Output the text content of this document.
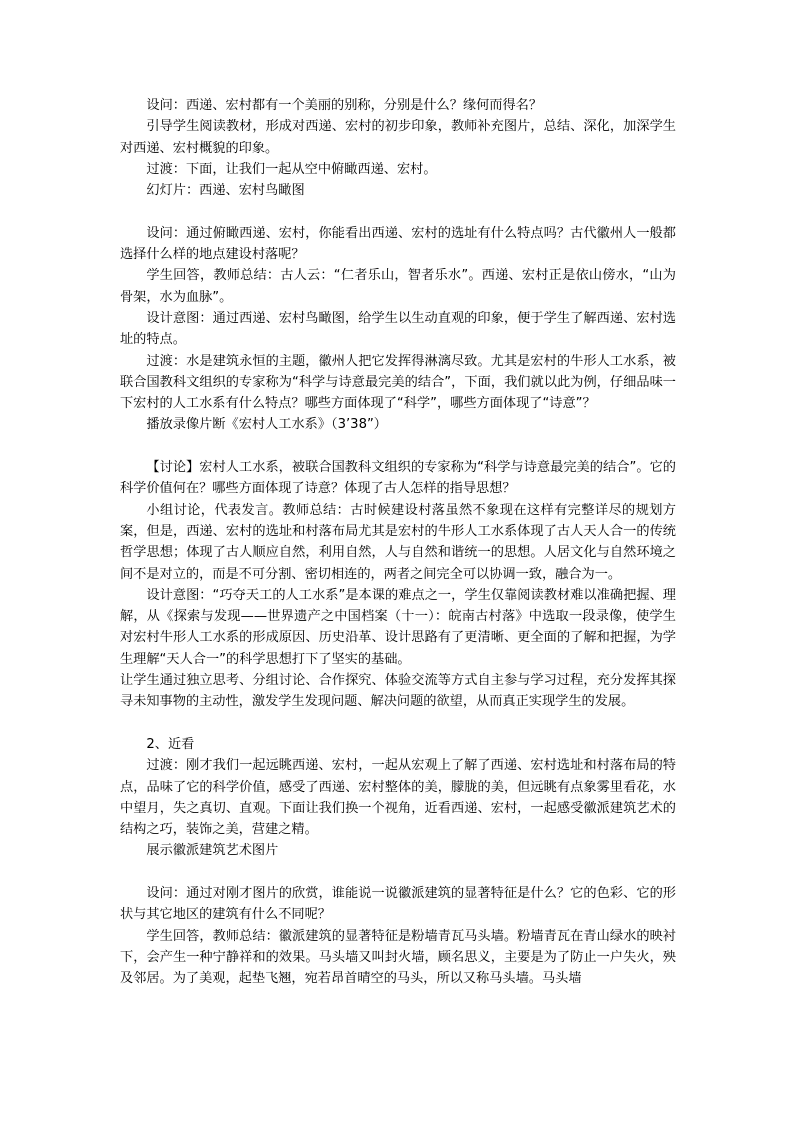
设问：西递、宏村都有一个美丽的别称，分别是什么？缘何而得名？

引导学生阅读教材，形成对西递、宏村的初步印象，教师补充图片，总结、深化，加深学生对西递、宏村概貌的印象。

过渡：下面，让我们一起从空中俯瞰西递、宏村。

幻灯片：西递、宏村鸟瞰图

设问：通过俯瞰西递、宏村，你能看出西递、宏村的选址有什么特点吗？古代徽州人一般都选择什么样的地点建设村落呢？

学生回答，教师总结：古人云：“仁者乐山，智者乐水”。西递、宏村正是依山傍水，“山为骨架，水为血脉”。

设计意图：通过西递、宏村鸟瞰图，给学生以生动直观的印象，便于学生了解西递、宏村选址的特点。

过渡：水是建筑永恒的主题，徽州人把它发挥得淋漓尽致。尤其是宏村的牛形人工水系，被联合国教科文组织的专家称为“科学与诗意最完美的结合”，下面，我们就以此为例，仔细品味一下宏村的人工水系有什么特点？哪些方面体现了“科学”，哪些方面体现了“诗意”？

播放录像片断《宏村人工水系》（3’38”）

【讨论】宏村人工水系，被联合国教科文组织的专家称为“科学与诗意最完美的结合”。它的科学价值何在？哪些方面体现了诗意？体现了古人怎样的指导思想？

小组讨论，代表发言。教师总结：古时候建设村落虽然不象现在这样有完整详尽的规划方案，但是，西递、宏村的选址和村落布局尤其是宏村的牛形人工水系体现了古人天人合一的传统哲学思想；体现了古人顺应自然，利用自然，人与自然和谐统一的思想。人居文化与自然环境之间不是对立的，而是不可分割、密切相连的，两者之间完全可以协调一致，融合为一。

设计意图：“巧夺天工的人工水系”是本课的难点之一，学生仅靠阅读教材难以准确把握、理解，从《探索与发现——世界遗产之中国档案（十一）：皖南古村落》中选取一段录像，使学生对宏村牛形人工水系的形成原因、历史沿革、设计思路有了更清晰、更全面的了解和把握，为学生理解“天人合一”的科学思想打下了坚实的基础。

让学生通过独立思考、分组讨论、合作探究、体验交流等方式自主参与学习过程，充分发挥其探寻未知事物的主动性，激发学生发现问题、解决问题的欲望，从而真正实现学生的发展。

2、近看

过渡：刚才我们一起远眺西递、宏村，一起从宏观上了解了西递、宏村选址和村落布局的特点，品味了它的科学价值，感受了西递、宏村整体的美，朦胧的美，但远眺有点象雾里看花，水中望月，失之真切、直观。下面让我们换一个视角，近看西递、宏村，一起感受徽派建筑艺术的结构之巧，装饰之美，营建之精。

展示徽派建筑艺术图片

设问：通过对刚才图片的欣赏，谁能说一说徽派建筑的显著特征是什么？它的色彩、它的形状与其它地区的建筑有什么不同呢？

学生回答，教师总结：徽派建筑的显著特征是粉墙青瓦马头墙。粉墙青瓦在青山绿水的映衬下，会产生一种宁静祥和的效果。马头墙又叫封火墙，顾名思义，主要是为了防止一户失火，殃及邻居。为了美观，起垫飞翘，宛若昂首晴空的马头，所以又称马头墙。马头墙
